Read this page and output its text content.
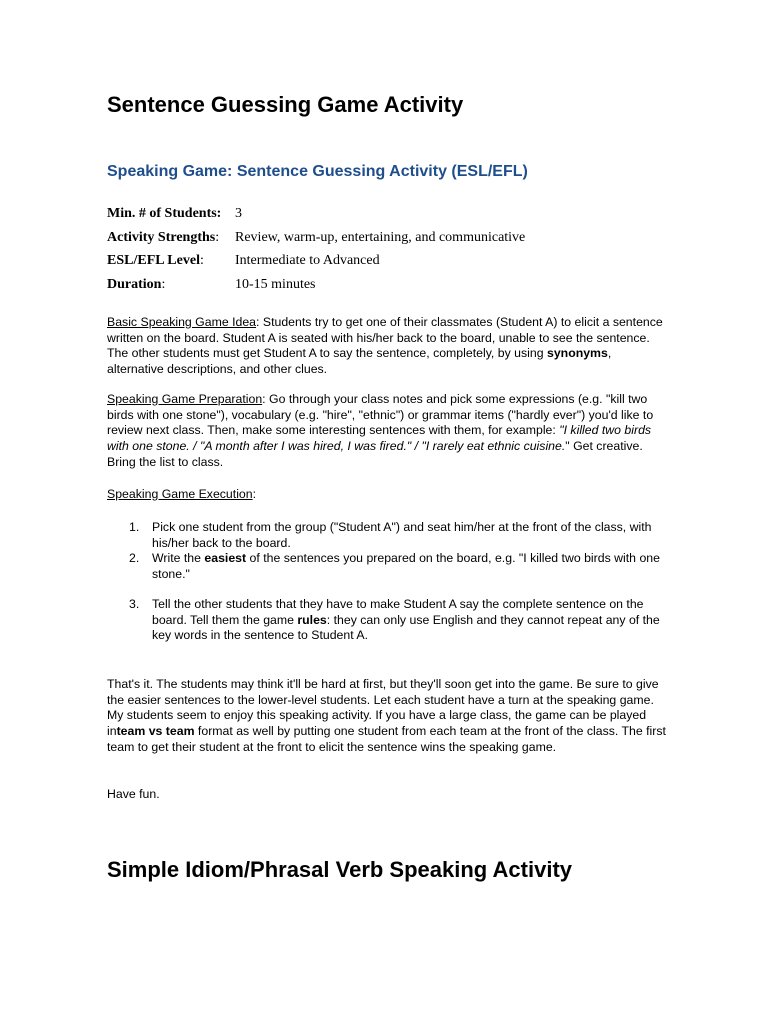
Sentence Guessing Game Activity
Speaking Game: Sentence Guessing Activity (ESL/EFL)
Min. # of Students: 3
Activity Strengths: Review, warm-up, entertaining, and communicative
ESL/EFL Level: Intermediate to Advanced
Duration:	10-15 minutes

Basic Speaking Game Idea: Students try to get one of their classmates (Student A) to elicit a sentence written on the board. Student A is seated with his/her back to the board, unable to see the sentence. The other students must get Student A to say the sentence, completely, by using synonyms, alternative descriptions, and other clues.

Speaking Game Preparation: Go through your class notes and pick some expressions (e.g. "kill two birds with one stone"), vocabulary (e.g. "hire", "ethnic") or grammar items ("hardly ever") you'd like to review next class. Then, make some interesting sentences with them, for example: "I killed two birds with one stone. / "A month after I was hired, I was fired." / "I rarely eat ethnic cuisine." Get creative. Bring the list to class.

Speaking Game Execution:

1. Pick one student from the group ("Student A") and seat him/her at the front of the class, with his/her back to the board.
2. Write the easiest of the sentences you prepared on the board, e.g. "I killed two birds with one stone."
3. Tell the other students that they have to make Student A say the complete sentence on the board. Tell them the game rules: they can only use English and they cannot repeat any of the key words in the sentence to Student A.

That's it. The students may think it'll be hard at first, but they'll soon get into the game. Be sure to give the easier sentences to the lower-level students. Let each student have a turn at the speaking game. My students seem to enjoy this speaking activity. If you have a large class, the game can be played inteam vs team format as well by putting one student from each team at the front of the class. The first team to get their student at the front to elicit the sentence wins the speaking game.

Have fun.

Simple Idiom/Phrasal Verb Speaking Activity
